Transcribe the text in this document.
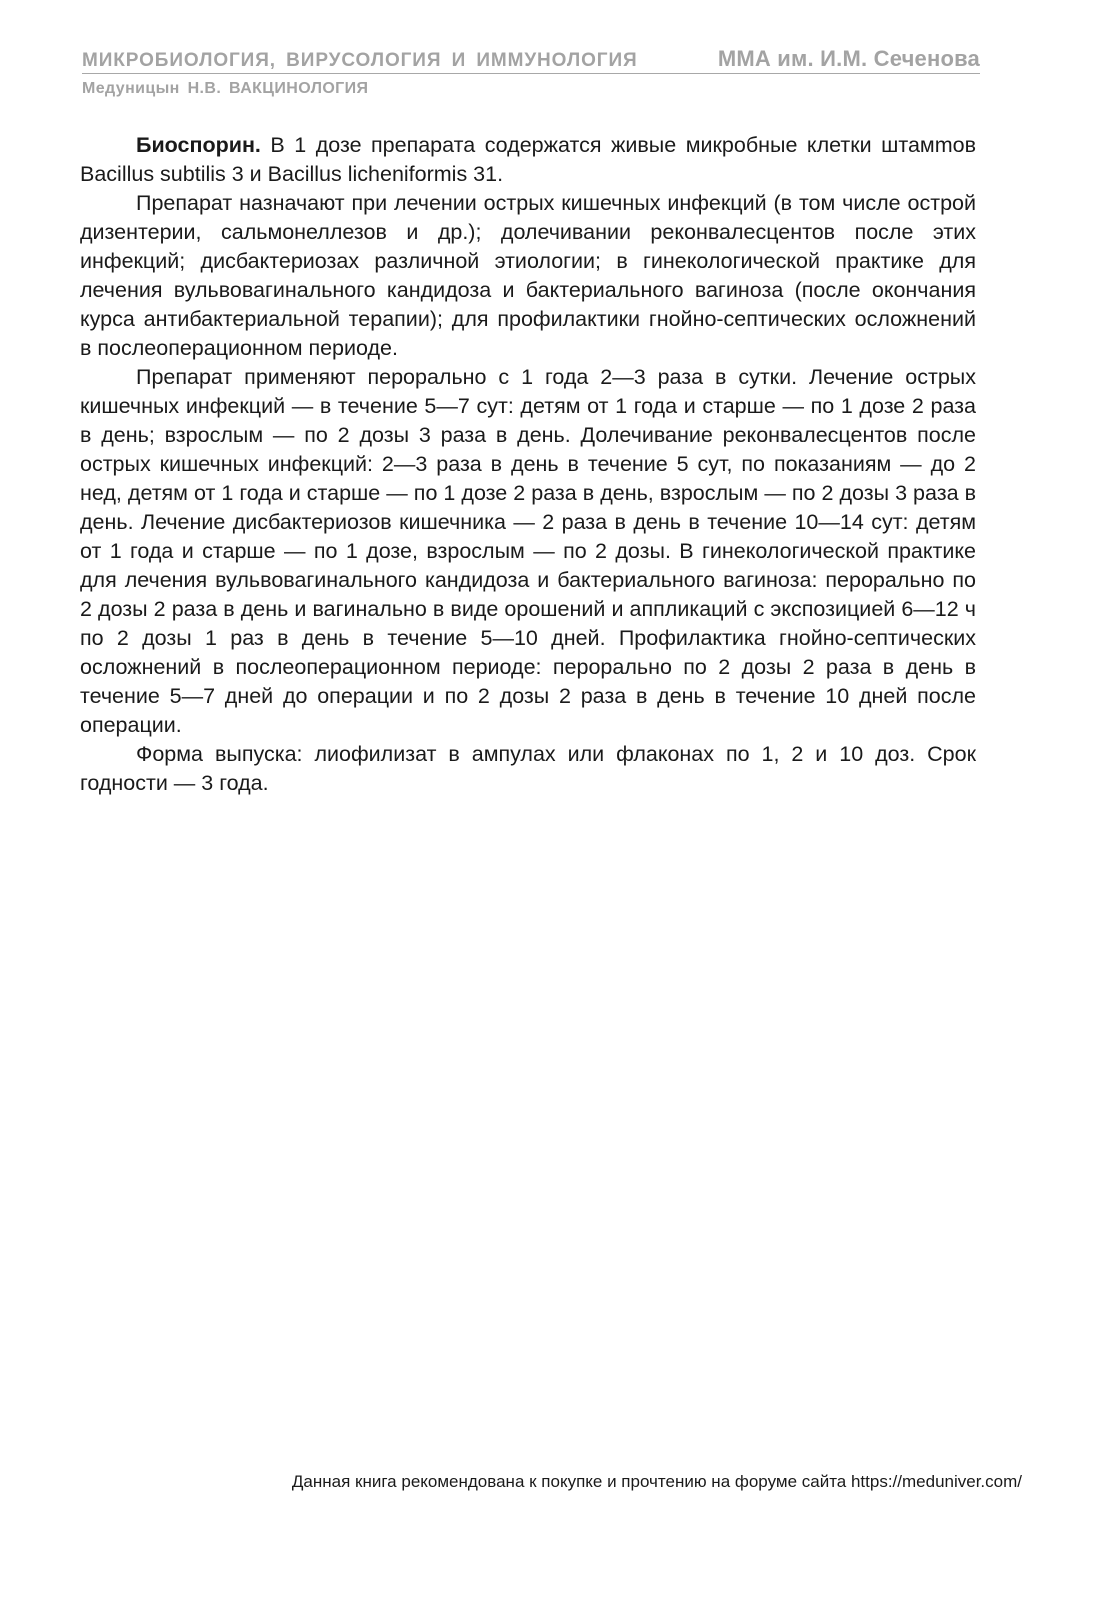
МИКРОБИОЛОГИЯ, ВИРУСОЛОГИЯ И ИММУНОЛОГИЯ	ММА им. И.М. Сеченова
Медуницын Н.В. ВАКЦИНОЛОГИЯ

Биоспорин. В 1 дозе препарата содержатся живые микробные клетки штамmов Bacillus subtilis 3 и Bacillus licheniformis 31.

Препарат назначают при лечении острых кишечных инфекций (в том числе острой дизентерии, сальмонеллезов и др.); долечивании реконвалесцентов после этих инфекций; дисбактериозах различной этиологии; в гинекологической практике для лечения вульвовагинального кандидоза и бактериального вагиноза (после окончания курса антибактериальной терапии); для профилактики гнойно-септических осложнений в послеоперационном периоде.

Препарат применяют перорально с 1 года 2—3 раза в сутки. Лечение острых кишечных инфекций — в течение 5—7 сут: детям от 1 года и старше — по 1 дозе 2 раза в день; взрослым — по 2 дозы 3 раза в день. Долечивание реконвалесцентов после острых кишечных инфекций: 2—3 раза в день в течение 5 сут, по показаниям — до 2 нед, детям от 1 года и старше — по 1 дозе 2 раза в день, взрослым — по 2 дозы 3 раза в день. Лечение дисбактериозов кишечника — 2 раза в день в течение 10—14 сут: детям от 1 года и старше — по 1 дозе, взрослым — по 2 дозы. В гинекологической практике для лечения вульвовагинального кандидоза и бактериального вагиноза: перорально по 2 дозы 2 раза в день и вагинально в виде орошений и аппликаций с экспозицией 6—12 ч по 2 дозы 1 раз в день в течение 5—10 дней. Профилактика гнойно-септических осложнений в послеоперационном периоде: перорально по 2 дозы 2 раза в день в течение 5—7 дней до операции и по 2 дозы 2 раза в день в течение 10 дней после операции.

Форма выпуска: лиофилизат в ампулах или флаконах по 1, 2 и 10 доз. Срок годности — 3 года.

Данная книга рекомендована к покупке и прочтению на форуме сайта https://meduniver.com/
